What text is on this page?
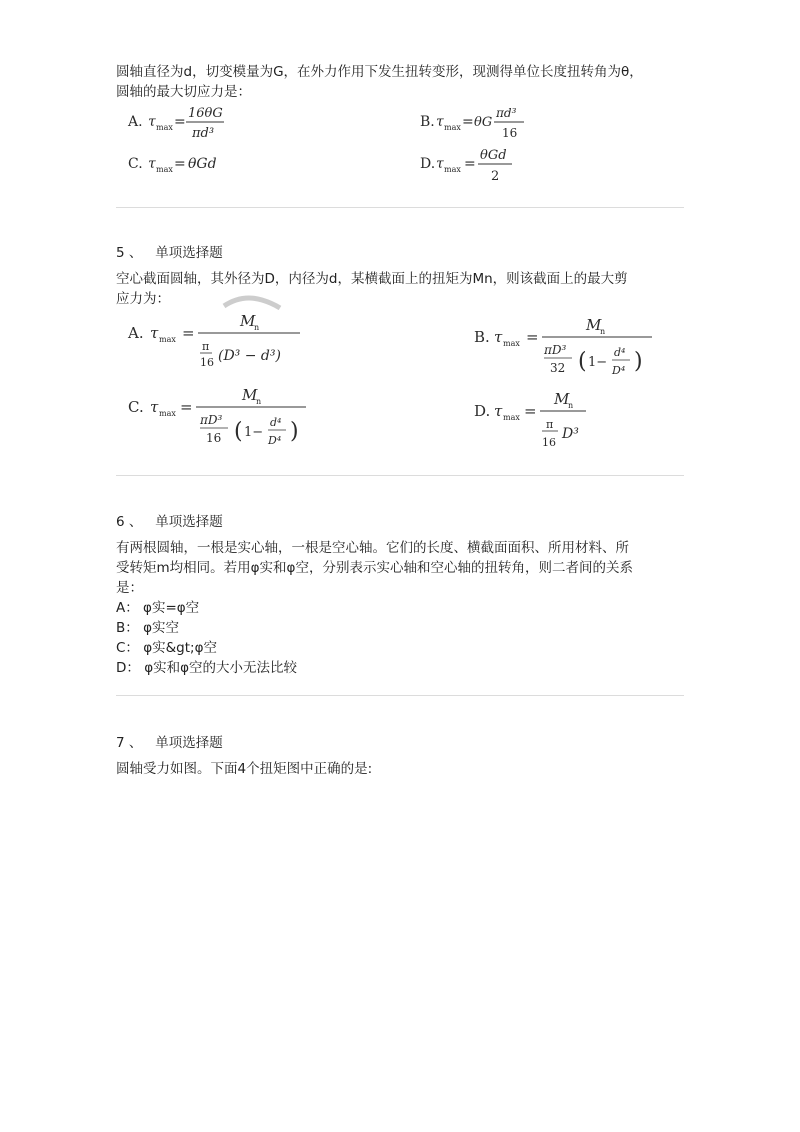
圆轴直径为d，切变模量为G，在外力作用下发生扭转变形，现测得单位长度扭转角为θ，
圆轴的最大切应力是：
A. τ max =
16θG
πd³
B. τ max = θG
πd³
16
C. τ max = θGd	D. τ max =
θGd
2
5 、 单项选择题
空心截面圆轴，其外径为D，内径为d，某横截面上的扭矩为Mn，则该截面上的最大剪
应力为：
A. τ max =
M
n
π
16 (D³ − d³)
B. τ max =
M
n
πD³
32 ( 1−
d⁴
D⁴ )
C. τ max =
M
n
πD³
16 ( 1−
d⁴
D⁴ )
D. τ max =
M
n
π
16
D³
6 、 单项选择题
有两根圆轴，一根是实心轴，一根是空心轴。它们的长度、横截面面积、所用材料、所
受转矩m均相同。若用φ实和φ空，分别表示实心轴和空心轴的扭转角，则二者间的关系
是：
A： φ实=φ空
B： φ实空
C： φ实&gt;φ空
D： φ实和φ空的大小无法比较
7 、 单项选择题
圆轴受力如图。下面4个扭矩图中正确的是:
